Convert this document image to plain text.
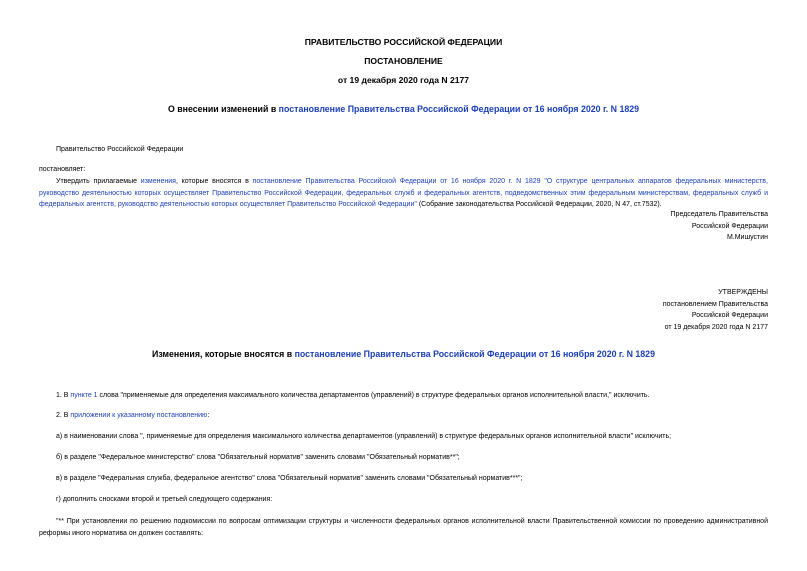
ПРАВИТЕЛЬСТВО РОССИЙСКОЙ ФЕДЕРАЦИИ
ПОСТАНОВЛЕНИЕ
от 19 декабря 2020 года N 2177
О внесении изменений в постановление Правительства Российской Федерации от 16 ноября 2020 г. N 1829
Правительство Российской Федерации
постановляет:
Утвердить прилагаемые изменения, которые вносятся в постановление Правительства Российской Федерации от 16 ноября 2020 г. N 1829 "О структуре центральных аппаратов федеральных министерств, руководство деятельностью которых осуществляет Правительство Российской Федерации, федеральных служб и федеральных агентств, подведомственных этим федеральным министерствам, федеральных служб и федеральных агентств, руководство деятельностью которых осуществляет Правительство Российской Федерации" (Собрание законодательства Российской Федерации, 2020, N 47, ст.7532).
Председатель Правительства
Российской Федерации
М.Мишустин
УТВЕРЖДЕНЫ
постановлением Правительства
Российской Федерации
от 19 декабря 2020 года N 2177
Изменения, которые вносятся в постановление Правительства Российской Федерации от 16 ноября 2020 г. N 1829
1. В пункте 1 слова "применяемые для определения максимального количества департаментов (управлений) в структуре федеральных органов исполнительной власти," исключить.
2. В приложении к указанному постановлению:
а) в наименовании слова ", применяемые для определения максимального количества департаментов (управлений) в структуре федеральных органов исполнительной власти" исключить;
б) в разделе "Федеральное министерство" слова "Обязательный норматив" заменить словами "Обязательный норматив**";
в) в разделе "Федеральная служба, федеральное агентство" слова "Обязательный норматив" заменить словами "Обязательный норматив***";
г) дополнить сносками второй и третьей следующего содержания:
"** При установлении по решению подкомиссии по вопросам оптимизации структуры и численности федеральных органов исполнительной власти Правительственной комиссии по проведению административной реформы иного норматива он должен составлять:
